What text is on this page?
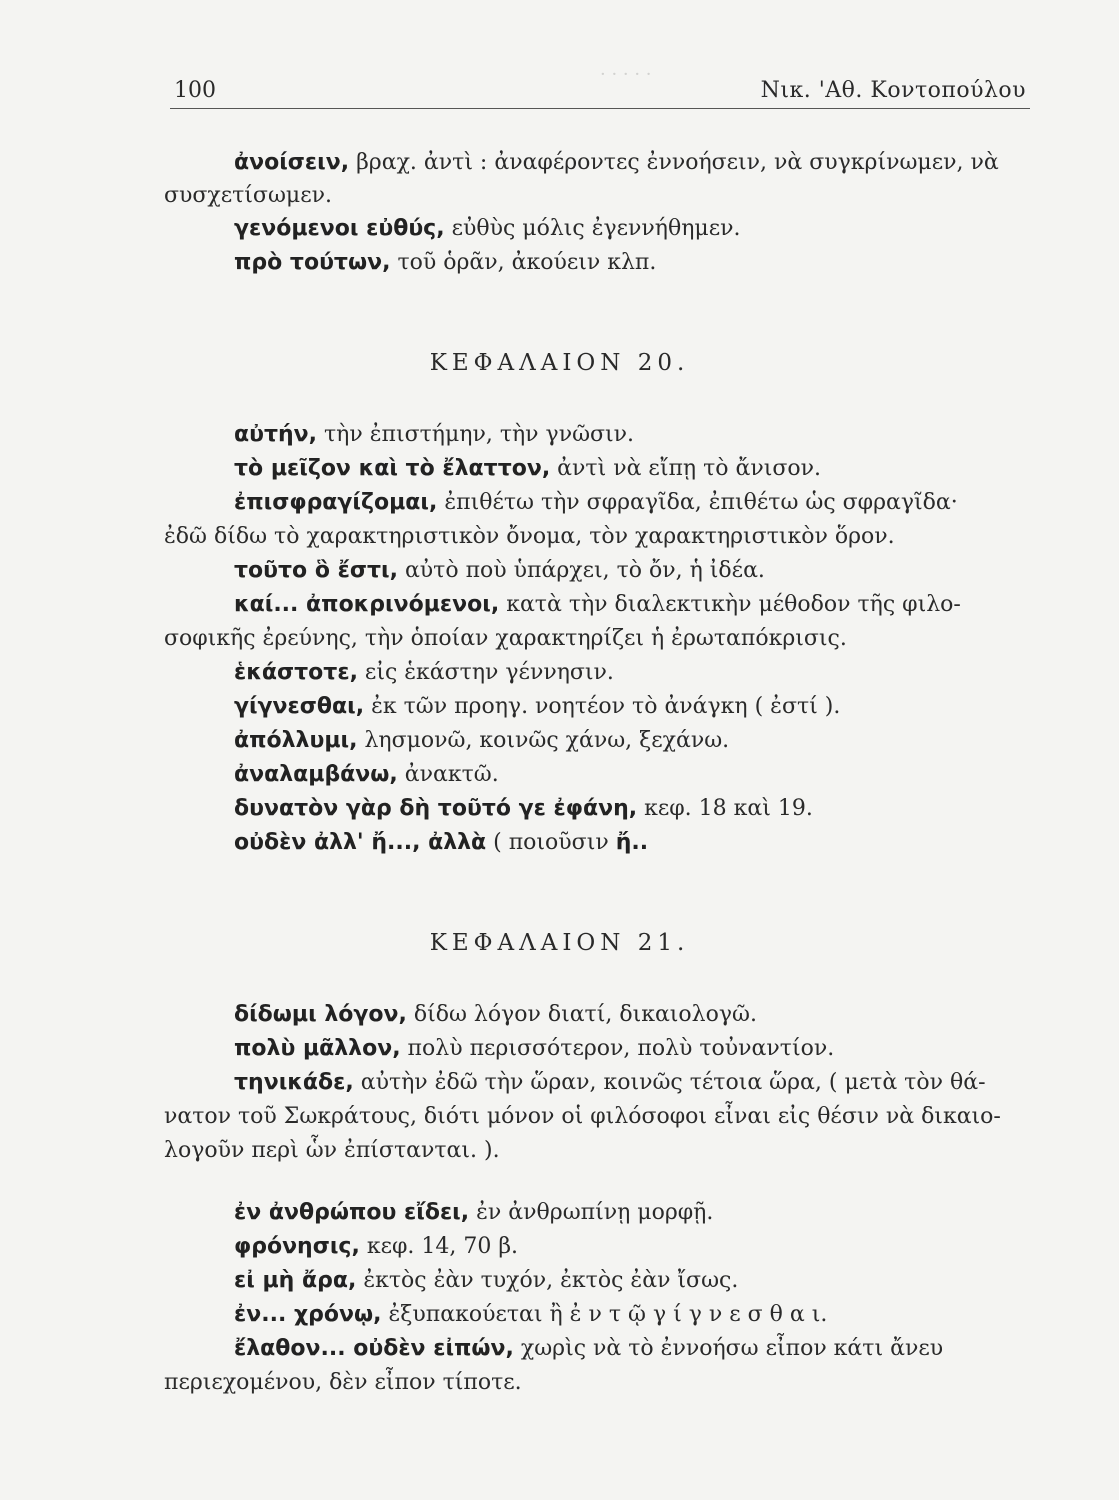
· · · · ·
100	Νικ. 'Αθ. Κοντοπούλου
ἀνοίσειν, βραχ. ἀντὶ : ἀναφέροντες ἐννοήσειν, νὰ συγκρίνωμεν, νὰ
συσχετίσωμεν.
γενόμενοι εὐθύς, εὐθὺς μόλις ἐγεννήθημεν.
πρὸ τούτων, τοῦ ὁρᾶν, ἀκούειν κλπ.
ΚΕΦΑΛΑΙΟΝ 20.
αὐτήν, τὴν ἐπιστήμην, τὴν γνῶσιν.
τὸ μεῖζον καὶ τὸ ἔλαττον, ἀντὶ νὰ εἴπῃ τὸ ἄνισον.
ἐπισφραγίζομαι, ἐπιθέτω τὴν σφραγῖδα, ἐπιθέτω ὡς σφραγῖδα·
ἐδῶ δίδω τὸ χαρακτηριστικὸν ὄνομα, τὸν χαρακτηριστικὸν ὅρον.
τοῦτο ὃ ἔστι, αὐτὸ ποὺ ὑπάρχει, τὸ ὄν, ἡ ἰδέα.
καί... ἀποκρινόμενοι, κατὰ τὴν διαλεκτικὴν μέθοδον τῆς φιλο-
σοφικῆς ἐρεύνης, τὴν ὁποίαν χαρακτηρίζει ἡ ἐρωταπόκρισις.
ἑκάστοτε, εἰς ἑκάστην γέννησιν.
γίγνεσθαι, ἐκ τῶν προηγ. νοητέον τὸ ἀνάγκη ( ἐστί ).
ἀπόλλυμι, λησμονῶ, κοινῶς χάνω, ξεχάνω.
ἀναλαμβάνω, ἀνακτῶ.
δυνατὸν γὰρ δὴ τοῦτό γε ἐφάνη, κεφ. 18 καὶ 19.
οὐδὲν ἀλλ' ἤ..., ἀλλὰ ( ποιοῦσιν ἤ..
ΚΕΦΑΛΑΙΟΝ 21.
δίδωμι λόγον, δίδω λόγον διατί, δικαιολογῶ.
πολὺ μᾶλλον, πολὺ περισσότερον, πολὺ τοὐναντίον.
τηνικάδε, αὐτὴν ἐδῶ τὴν ὥραν, κοινῶς τέτοια ὥρα, ( μετὰ τὸν θά-
νατον τοῦ Σωκράτους, διότι μόνον οἱ φιλόσοφοι εἶναι εἰς θέσιν νὰ δικαιο-
λογοῦν περὶ ὧν ἐπίστανται. ).
ἐν ἀνθρώπου εἴδει, ἐν ἀνθρωπίνῃ μορφῇ.
φρόνησις, κεφ. 14, 70 β.
εἰ μὴ ἄρα, ἐκτὸς ἐὰν τυχόν, ἐκτὸς ἐὰν ἴσως.
ἐν... χρόνῳ, ἐξυπακούεται ἢ ἐ ν τ ῷ γ ί γ ν ε σ θ α ι.
ἔλαθον... οὐδὲν εἰπών, χωρὶς νὰ τὸ ἐννοήσω εἶπον κάτι ἄνευ
περιεχομένου, δὲν εἶπον τίποτε.
